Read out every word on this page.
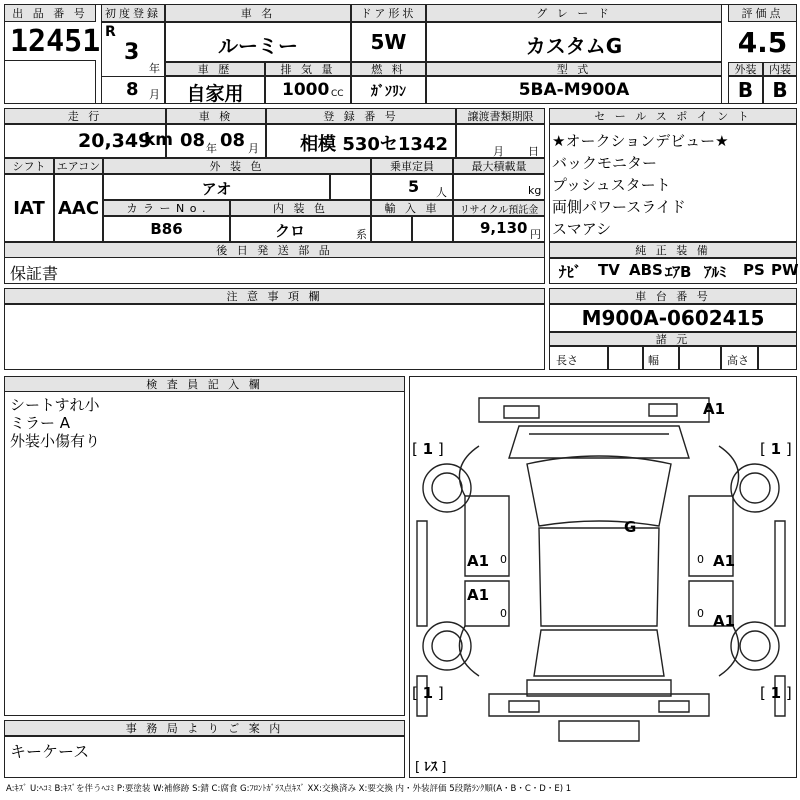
出 品 番 号
12451
初度登録
R
3
年
8 月
車 名
ルーミー
ドア形状
5W
グ レ ー ド
カスタムG
評価点
4.5
車 歴
自家用
排 気 量
1000 CC
燃 料
ｶﾞｿﾘﾝ
型 式
5BA-M900A
外装	内装
B B
走 行
20,349
km
車 検
08 年 08 月
登 録 番 号
相模 530セ1342
譲渡書類期限
月 日
シフト	エアコン
IAT AAC
外 装 色
アオ
乗車定員
5 人
最大積載量
kg
カ ラ ー N o .
B86
内 装 色
クロ	系
輸 入 車	リサイクル預託金
9,130 円
後 日 発 送 部 品
保証書
セ ー ル ス ポ イ ン ト
★オークションデビュー★
バックモニター
プッシュスタート
両側パワースライド
スマアシ
純 正 装 備
ﾅﾋﾞ TV ABS ｴｱB ｱﾙﾐ PS PW
注 意 事 項 欄	車 台 番 号
M900A-0602415
諸 元
長さ	幅	高さ
検 査 員 記 入 欄
シートすれ小
ミラー A
外装小傷有り
事 務 局 よ り ご 案 内
キーケース
A1
G
A1
A1
A1
A1
0
0
0
0
[ 1 ]	[ 1 ]
[ 1 ]	[ 1 ]
[ ﾚｽ ]
A:ｷｽﾞ U:ﾍｺﾐ B:ｷｽﾞを伴うﾍｺﾐ P:要塗装 W:補修跡 S:錆 C:腐食 G:ﾌﾛﾝﾄｶﾞﾗｽ点ｷｽﾞ XX:交換済み X:要交換 内・外装評価 5段階ﾗﾝｸ順(A・B・C・D・E) 1
